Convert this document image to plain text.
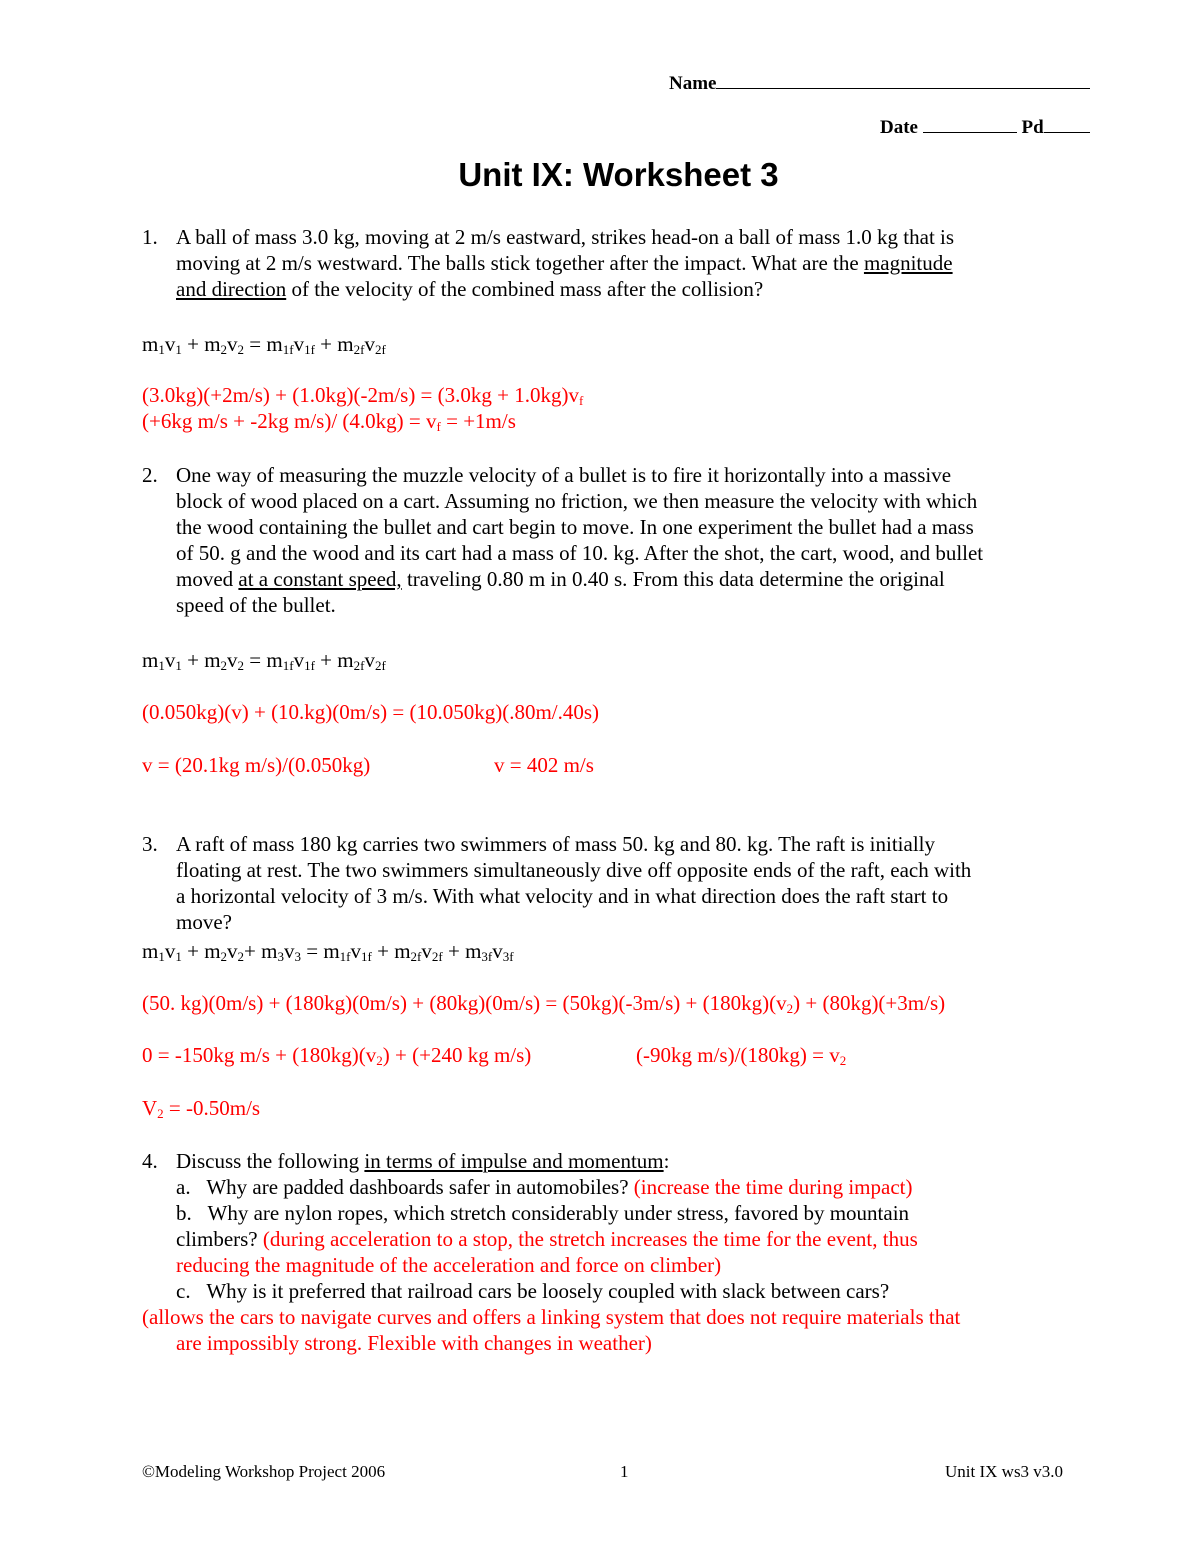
Name
Date	Pd
Unit IX: Worksheet 3
1. A ball of mass 3.0 kg, moving at 2 m/s eastward, strikes head-on a ball of mass 1.0 kg that is
moving at 2 m/s westward. The balls stick together after the impact. What are the magnitude
and direction of the velocity of the combined mass after the collision?
$m_1v_1 + m_2v_2 = m_{1f}v_{1f} + m_{2f}v_{2f}$
$(3.0kg)(+2m/s) + (1.0kg)(-2m/s) = (3.0kg + 1.0kg)v_f$
(+6kg m/s + -2kg m/s)/ $(4.0kg) = v_f = +1m/s$
2. One way of measuring the muzzle velocity of a bullet is to fire it horizontally into a massive
block of wood placed on a cart. Assuming no friction, we then measure the velocity with which
the wood containing the bullet and cart begin to move. In one experiment the bullet had a mass
of 50. g and the wood and its cart had a mass of 10. kg. After the shot, the cart, wood, and bullet
moved at a constant speed, traveling 0.80 m in 0.40 s. From this data determine the original
speed of the bullet.
$m_1v_1 + m_2v_2 = m_{1f}v_{1f} + m_{2f}v_{2f}$
(0.050kg)(v) + (10.kg)(0m/s) = (10.050kg)(.80m/.40s)
v = (20.1kg m/s)/(0.050kg)	v = 402 m/s
3. A raft of mass 180 kg carries two swimmers of mass 50. kg and 80. kg. The raft is initially
floating at rest. The two swimmers simultaneously dive off opposite ends of the raft, each with
a horizontal velocity of 3 m/s. With what velocity and in what direction does the raft start to
move?
$m_1v_1 + m_2v_2+ m_3v_3 = m_{1f}v_{1f} + m_{2f}v_{2f} + m_{3f}v_{3f}$
(50. $kg)(0m/s) + (180kg)(0m/s) + (80kg)(0m/s) = (50kg)(-3m/s) + (180kg)(v_2) + (80kg)(+3m/s)$
0 = -150kg $m/s + (180kg)(v_2) + (+240$ kg m/s)	(-90kg $m/s)/(180kg) = v_2$
$V_2 = -0.50m/s$
4. Discuss the following in terms of impulse and momentum:
a. Why are padded dashboards safer in automobiles? (increase the time during impact)
b. Why are nylon ropes, which stretch considerably under stress, favored by mountain
climbers? (during acceleration to a stop, the stretch increases the time for the event, thus
reducing the magnitude of the acceleration and force on climber)
c. Why is it preferred that railroad cars be loosely coupled with slack between cars?
(allows the cars to navigate curves and offers a linking system that does not require materials that
are impossibly strong. Flexible with changes in weather)
©Modeling Workshop Project 2006	1	Unit IX ws3 v3.0
